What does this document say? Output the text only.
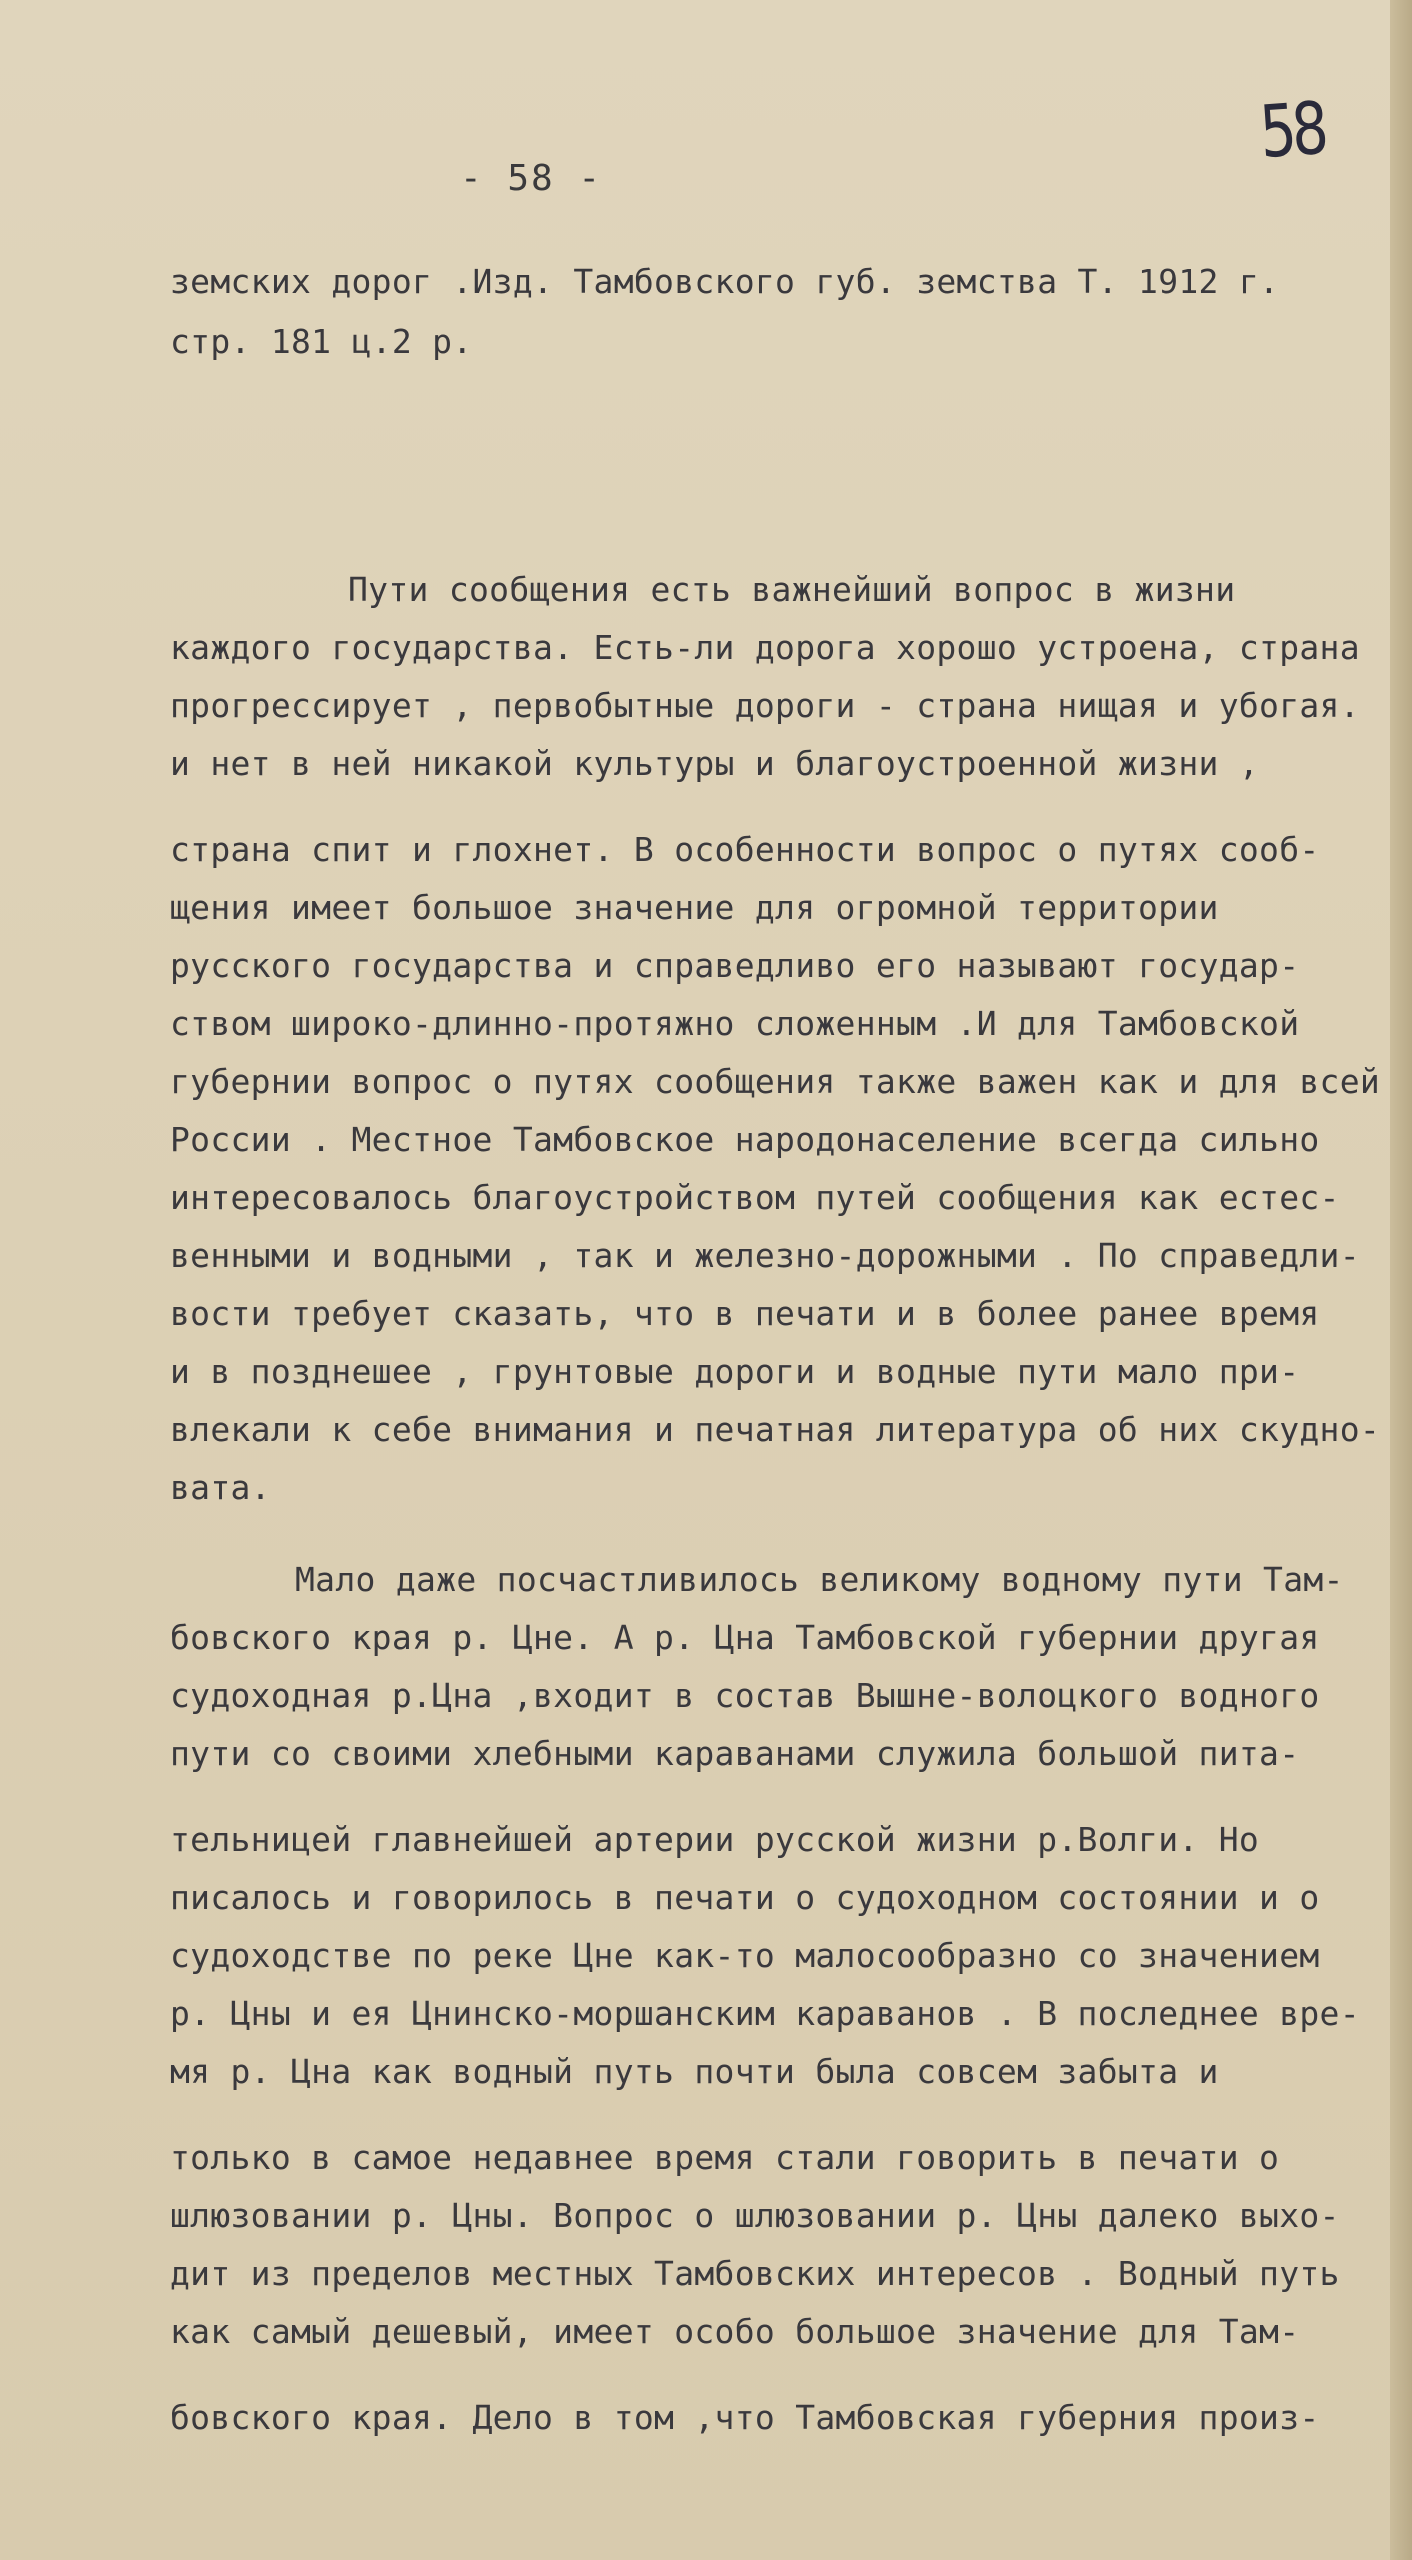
58
- 58 -
земских дорог .Изд. Тамбовского губ. земства Т. 1912 г.
стр. 181 ц.2 р.
Пути сообщения есть важнейший вопрос в жизни
каждого государства. Есть-ли дорога хорошо устроена, страна
прогрессирует , первобытные дороги - страна нищая и убогая.
и нет в ней никакой культуры и благоустроенной жизни ,
страна спит и глохнет. В особенности вопрос о путях сооб-
щения имеет большое значение для огромной территории
русского государства и справедливо его называют государ-
ством широко-длинно-протяжно сложенным .И для Тамбовской
губернии вопрос о путях сообщения также важен как и для всей
России . Местное Тамбовское народонаселение всегда сильно
интересовалось благоустройством путей сообщения как естес-
венными и водными , так и железно-дорожными . По справедли-
вости требует сказать, что в печати и в более ранее время
и в позднешее , грунтовые дороги и водные пути мало при-
влекали к себе внимания и печатная литература об них скудно-
вата.
Мало даже посчастливилось великому водному пути Там-
бовского края р. Цне. А р. Цна Тамбовской губернии другая
судоходная р.Цна ,входит в состав Вышне-волоцкого водного
пути со своими хлебными караванами служила большой пита-
тельницей главнейшей артерии русской жизни р.Волги. Но
писалось и говорилось в печати о судоходном состоянии и о
судоходстве по реке Цне как-то малосообразно со значением
р. Цны и ея Цнинско-моршанским караванов . В последнее вре-
мя р. Цна как водный путь почти была совсем забыта и
только в самое недавнее время стали говорить в печати о
шлюзовании р. Цны. Вопрос о шлюзовании р. Цны далеко выхо-
дит из пределов местных Тамбовских интересов . Водный путь
как самый дешевый, имеет особо большое значение для Там-
бовского края. Дело в том ,что Тамбовская губерния произ-
